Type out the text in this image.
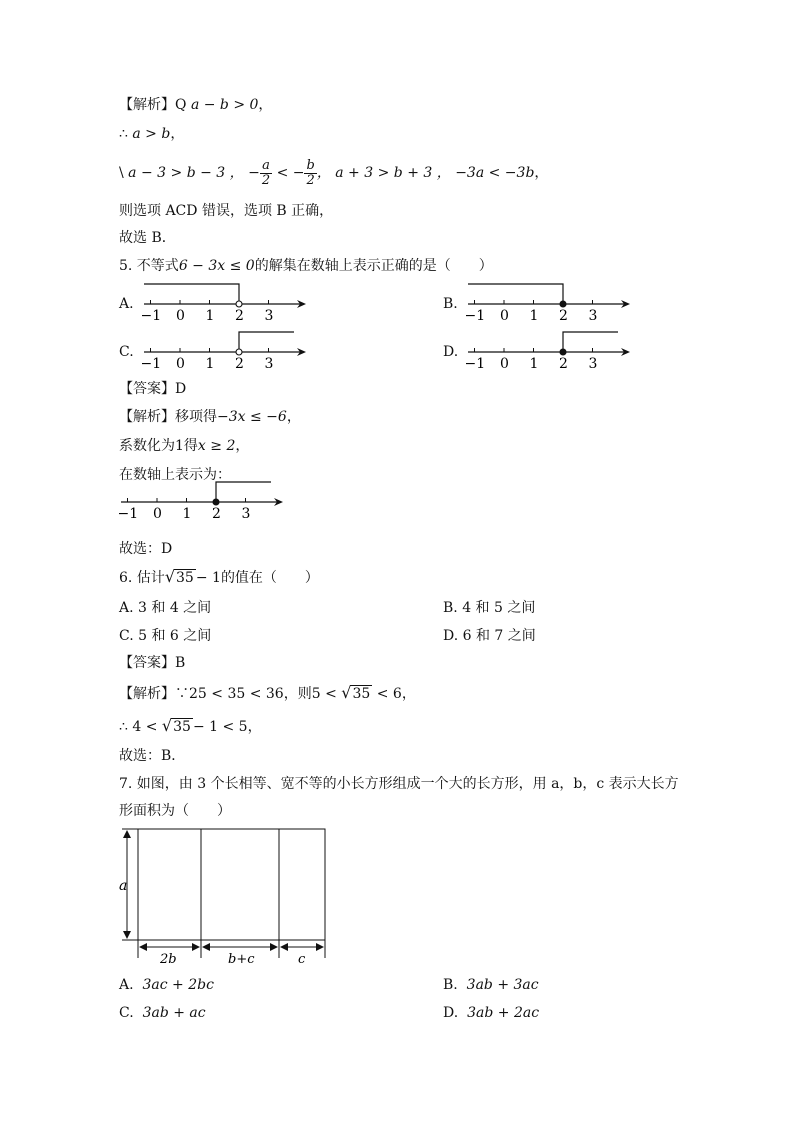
【解析】Q a − b > 0，
∴ a > b，
\ a − 3 > b − 3 ， − $\frac{a}{2}$ < − $\frac{b}{2}$ ， a + 3 > b + 3 ， −3a < −3b，
则选项 ACD 错误，选项 B 正确，
故选 B．
5. 不等式6 − 3x ≤ 0的解集在数轴上表示正确的是（　　）
A.	B.
C.	D.
−1 0 1 2 3	−1 0 1 2 3
−1 0 1 2 3	−1 0 1 2 3
【答案】D
【解析】移项得−3x ≤ −6，
系数化为1得x ≥ 2，
在数轴上表示为：
−1 0 1 2 3
故选：D
6. 估计√35 − 1的值在（　　）
A. 3 和 4 之间	B. 4 和 5 之间
C. 5 和 6 之间	D. 6 和 7 之间
【答案】B
【解析】∵25 < 35 < 36，则5 < √35 < 6，
∴ 4 < √35 − 1 < 5，
故选：B．
7. 如图，由 3 个长相等、宽不等的小长方形组成一个大的长方形，用 a，b，c 表示大长方
形面积为（　　）
a
2b	b+c	c
A. 3ac + 2bc	B. 3ab + 3ac
C. 3ab + ac	D. 3ab + 2ac
